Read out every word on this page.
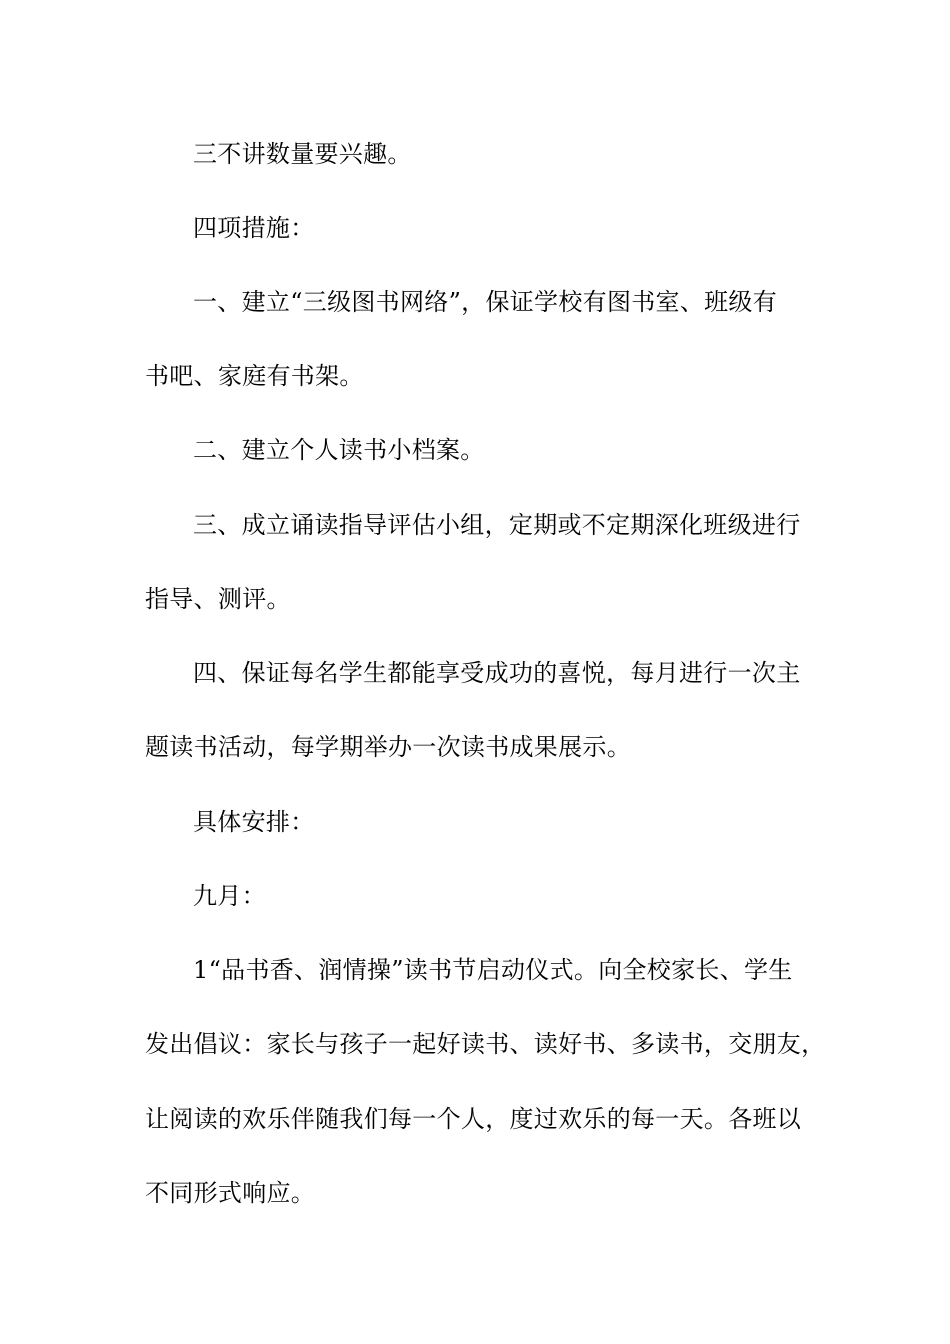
三不讲数量要兴趣。
四项措施：
一、建立“三级图书网络”，保证学校有图书室、班级有
书吧、家庭有书架。
二、建立个人读书小档案。
三、成立诵读指导评估小组，定期或不定期深化班级进行
指导、测评。
四、保证每名学生都能享受成功的喜悦，每月进行一次主
题读书活动，每学期举办一次读书成果展示。
具体安排：
九月：
1“品书香、润情操”读书节启动仪式。向全校家长、学生
发出倡议：家长与孩子一起好读书、读好书、多读书，交朋友，
让阅读的欢乐伴随我们每一个人，度过欢乐的每一天。各班以
不同形式响应。
